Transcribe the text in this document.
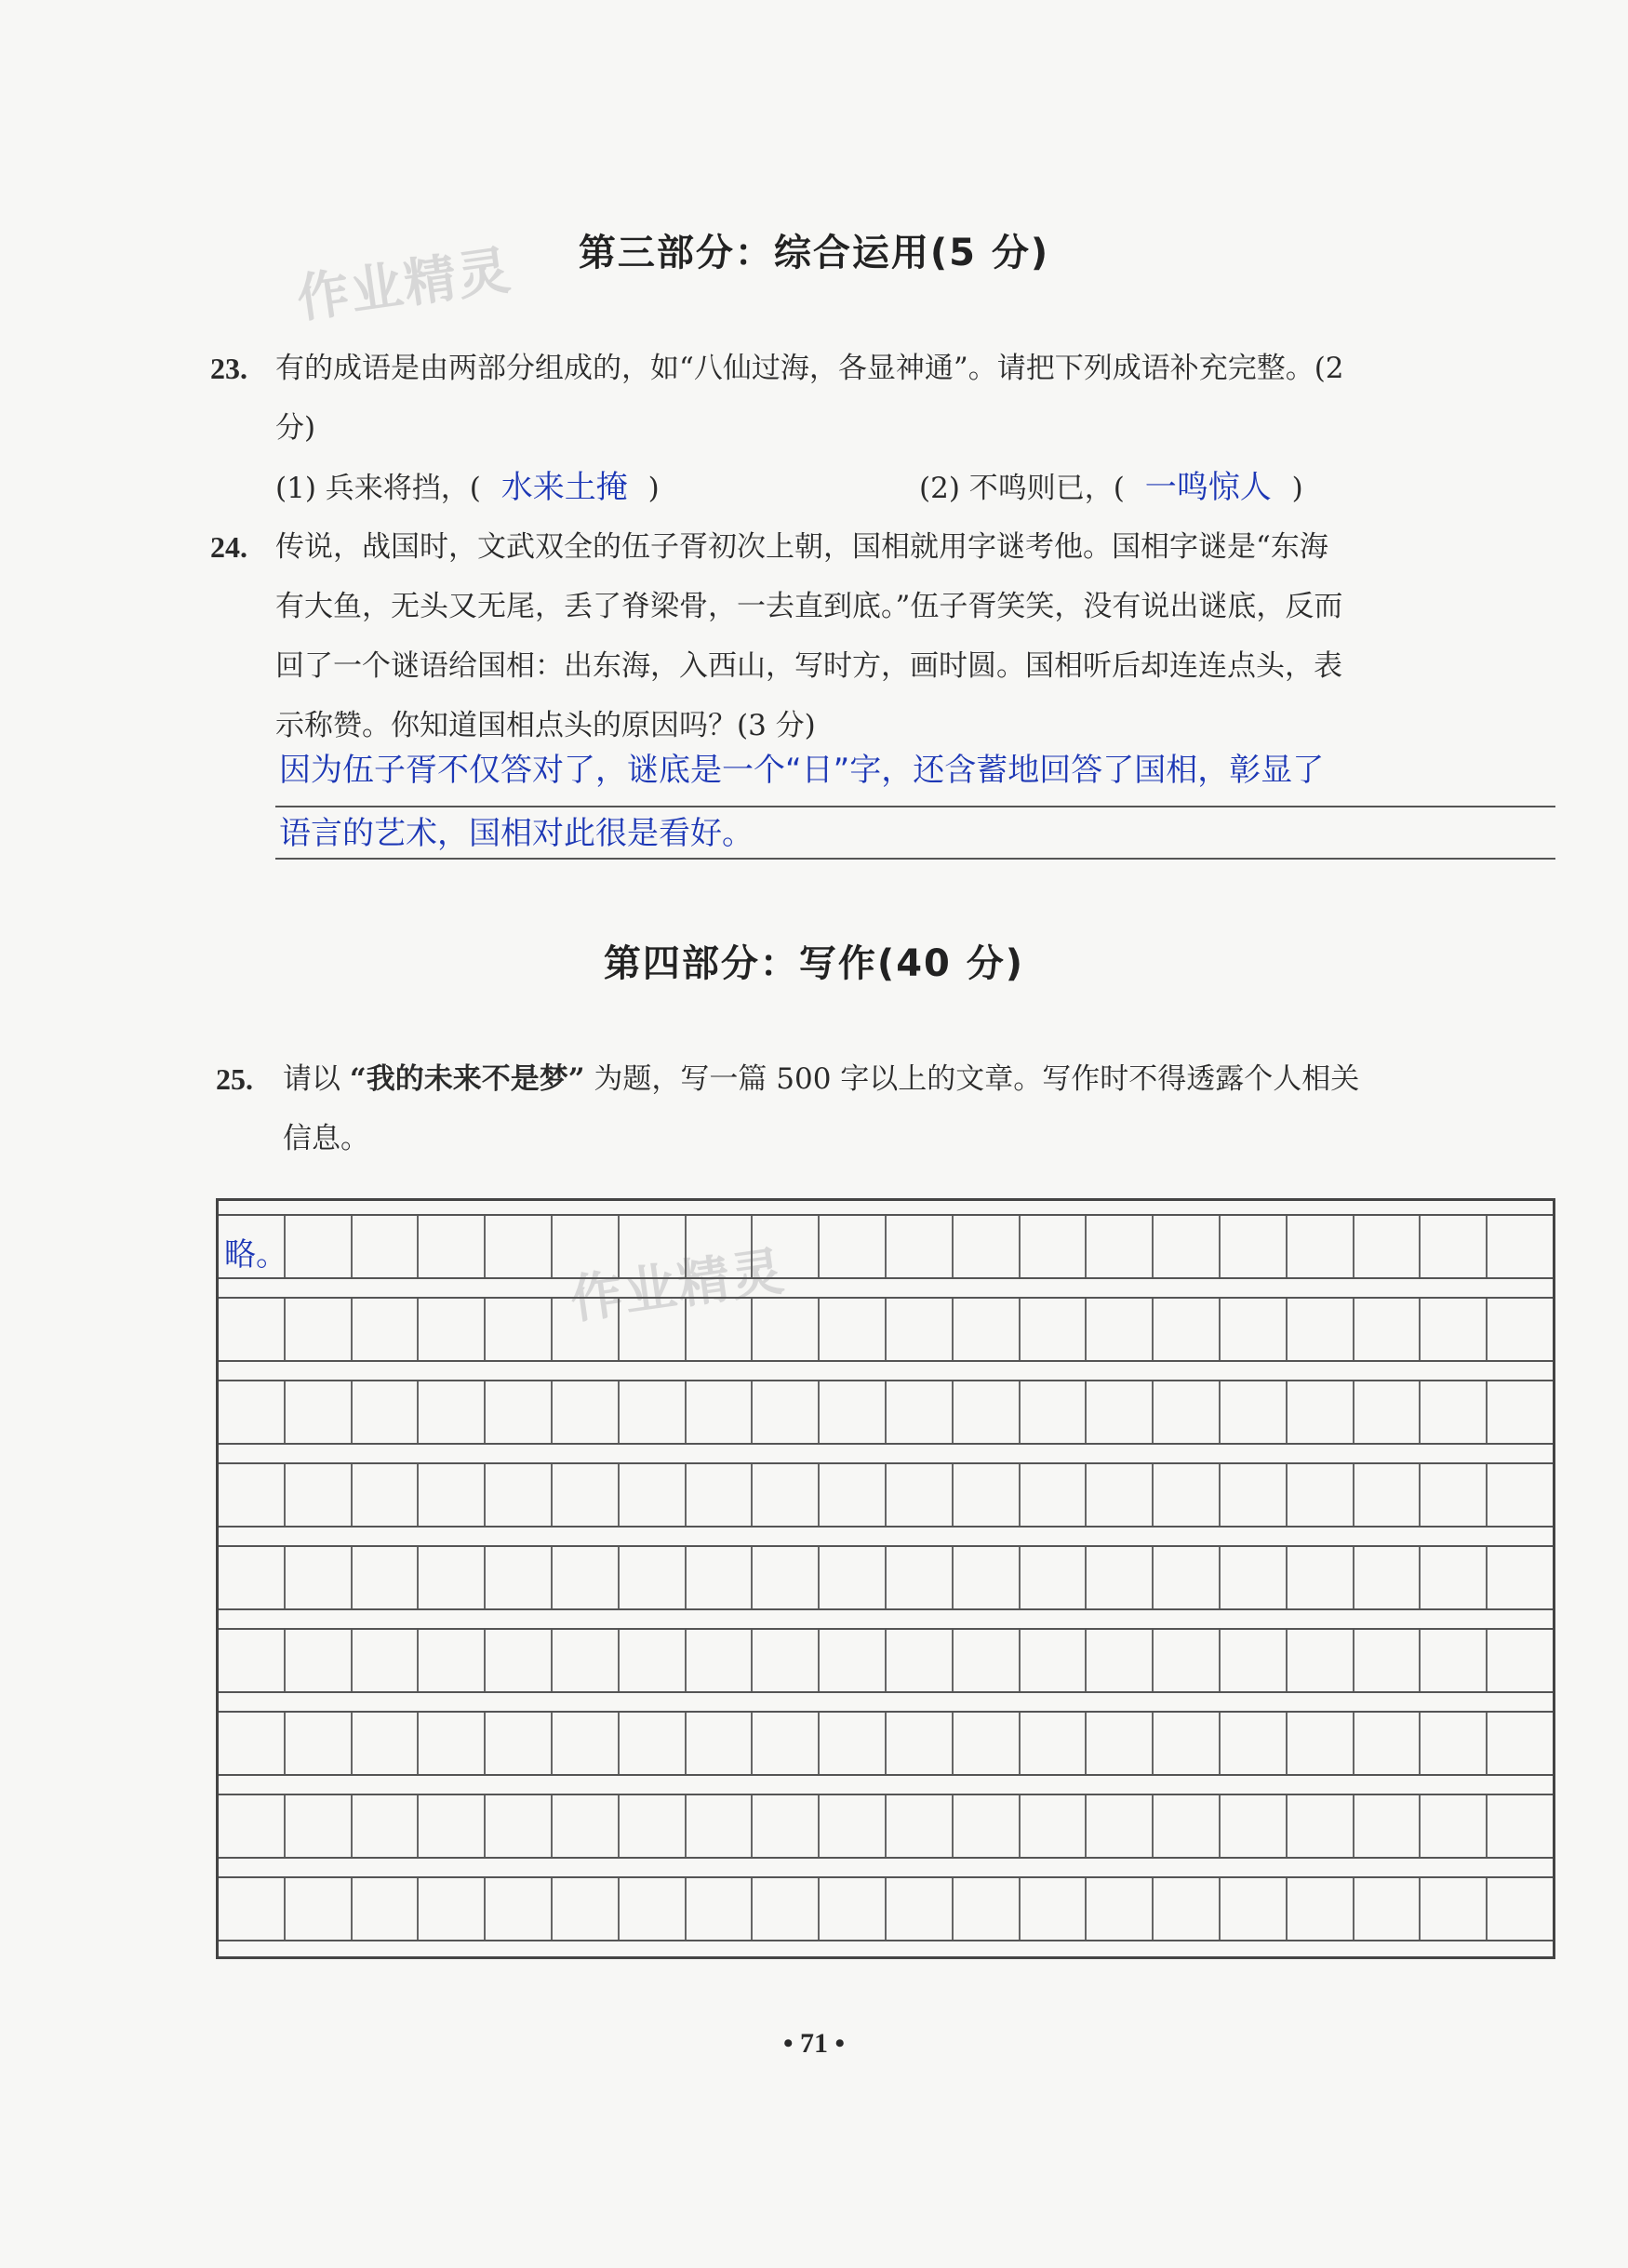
作业精灵
作业精灵
第三部分：综合运用(5 分)
23. 有的成语是由两部分组成的，如“八仙过海，各显神通”。请把下列成语补充完整。(2
分)
(1) 兵来将挡，( 水来土掩 )	(2) 不鸣则已，( 一鸣惊人 )
24. 传说，战国时，文武双全的伍子胥初次上朝，国相就用字谜考他。国相字谜是“东海
有大鱼，无头又无尾，丢了脊梁骨，一去直到底。”伍子胥笑笑，没有说出谜底，反而
回了一个谜语给国相：出东海，入西山，写时方，画时圆。国相听后却连连点头，表
示称赞。你知道国相点头的原因吗？(3 分)
因为伍子胥不仅答对了，谜底是一个“日”字，还含蓄地回答了国相，彰显了
语言的艺术，国相对此很是看好。
第四部分：写作(40 分)
25. 请以 “我的未来不是梦” 为题，写一篇 500 字以上的文章。写作时不得透露个人相关
信息。
略。
• 71 •
